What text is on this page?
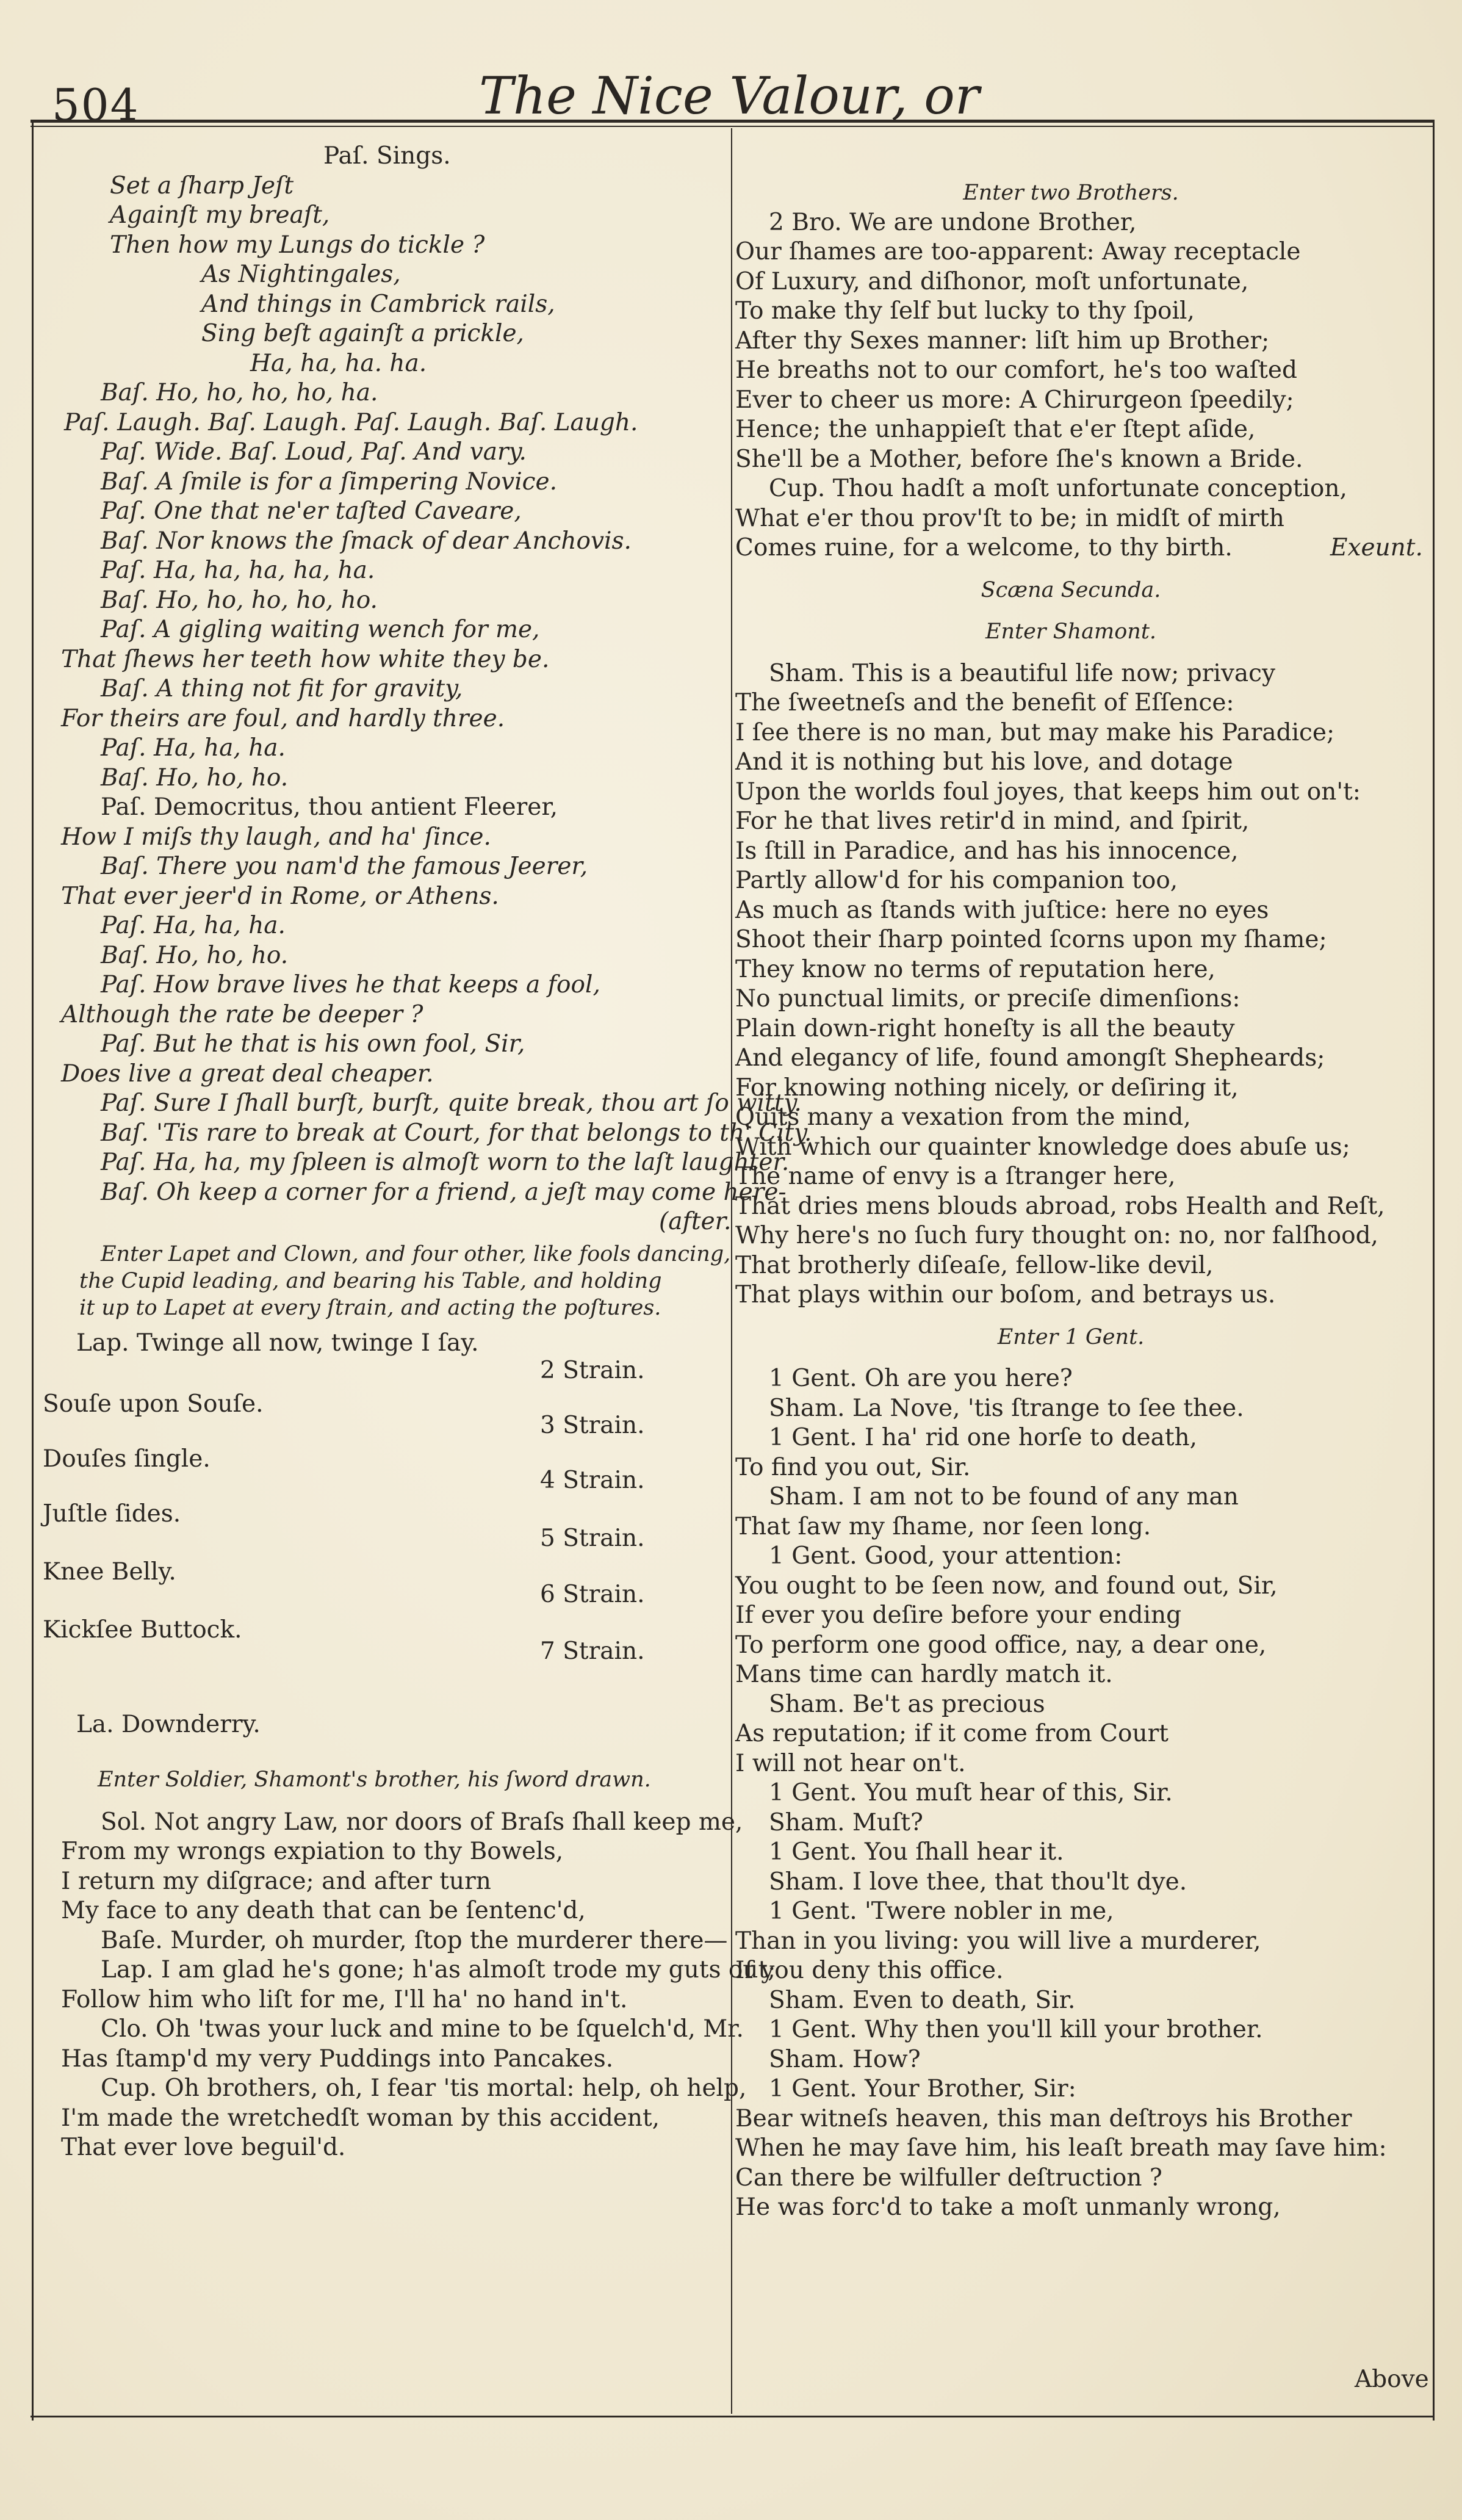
504	The Nice Valour, or
Paſ. Sings.
Set a ſharp Jeſt
Againſt my breaſt,
Then how my Lungs do tickle ?
As Nightingales,
And things in Cambrick rails,
Sing beſt againſt a prickle,
Ha, ha, ha. ha.
Baſ. Ho, ho, ho, ho, ha.
Paſ. Laugh. Baſ. Laugh. Paſ. Laugh. Baſ. Laugh.
Paſ. Wide. Baſ. Loud, Paſ. And vary.
Baſ. A ſmile is for a ſimpering Novice.
Paſ. One that ne'er taſted Caveare,
Baſ. Nor knows the ſmack of dear Anchovis.
Paſ. Ha, ha, ha, ha, ha.
Baſ. Ho, ho, ho, ho, ho.
Paſ. A gigling waiting wench for me,
That ſhews her teeth how white they be.
Baſ. A thing not fit for gravity,
For theirs are foul, and hardly three.
Paſ. Ha, ha, ha.
Baſ. Ho, ho, ho.
Paſ. Democritus, thou antient Fleerer,
How I miſs thy laugh, and ha' ſince.
Baſ. There you nam'd the famous Jeerer,
That ever jeer'd in Rome, or Athens.
Paſ. Ha, ha, ha.
Baſ. Ho, ho, ho.
Paſ. How brave lives he that keeps a fool,
Although the rate be deeper ?
Paſ. But he that is his own fool, Sir,
Does live a great deal cheaper.
Paſ. Sure I ſhall burſt, burſt, quite break, thou art ſo witty.
Baſ. 'Tis rare to break at Court, for that belongs to th' City.
Paſ. Ha, ha, my ſpleen is almoſt worn to the laſt laughter.
Baſ. Oh keep a corner for a friend, a jeſt may come here-
(after.
Enter Lapet and Clown, and four other, like fools dancing,
the Cupid leading, and bearing his Table, and holding
it up to Lapet at every ſtrain, and acting the poſtures.
Lap. Twinge all now, twinge I ſay.
Souſe upon Souſe.
Douſes ſingle.
Juſtle ſides.
Knee Belly.
Kickſee Buttock.
2 Strain.
3 Strain.
4 Strain.
5 Strain.
6 Strain.
7 Strain.
La. Downderry.
Enter Soldier, Shamont's brother, his ſword drawn.
Sol. Not angry Law, nor doors of Braſs ſhall keep me,
From my wrongs expiation to thy Bowels,
I return my diſgrace; and after turn
My face to any death that can be ſentenc'd,
Baſe. Murder, oh murder, ſtop the murderer there—
Lap. I am glad he's gone; h'as almoſt trode my guts out;
Follow him who liſt for me, I'll ha' no hand in't.
Clo. Oh 'twas your luck and mine to be ſquelch'd, Mr.
Has ſtamp'd my very Puddings into Pancakes.
Cup. Oh brothers, oh, I fear 'tis mortal: help, oh help,
I'm made the wretchedſt woman by this accident,
That ever love beguil'd.
Enter two Brothers.
2 Bro. We are undone Brother,
Our ſhames are too-apparent: Away receptacle
Of Luxury, and diſhonor, moſt unfortunate,
To make thy ſelf but lucky to thy ſpoil,
After thy Sexes manner: liſt him up Brother;
He breaths not to our comfort, he's too waſted
Ever to cheer us more: A Chirurgeon ſpeedily;
Hence; the unhappieſt that e'er ſtept aſide,
She'll be a Mother, before ſhe's known a Bride.
Cup. Thou hadſt a moſt unfortunate conception,
What e'er thou prov'ſt to be; in midſt of mirth
Comes ruine, for a welcome, to thy birth.	Exeunt.
Scæna Secunda.
Enter Shamont.
Sham. This is a beautiful life now; privacy
The ſweetneſs and the benefit of Eſſence:
I ſee there is no man, but may make his Paradice;
And it is nothing but his love, and dotage
Upon the worlds foul joyes, that keeps him out on't:
For he that lives retir'd in mind, and ſpirit,
Is ſtill in Paradice, and has his innocence,
Partly allow'd for his companion too,
As much as ſtands with juſtice: here no eyes
Shoot their ſharp pointed ſcorns upon my ſhame;
They know no terms of reputation here,
No punctual limits, or preciſe dimenſions:
Plain down-right honeſty is all the beauty
And elegancy of life, found amongſt Shepheards;
For knowing nothing nicely, or deſiring it,
Quits many a vexation from the mind,
With which our quainter knowledge does abuſe us;
The name of envy is a ſtranger here,
That dries mens blouds abroad, robs Health and Reſt,
Why here's no ſuch fury thought on: no, nor falſhood,
That brotherly diſeaſe, fellow-like devil,
That plays within our boſom, and betrays us.
Enter 1 Gent.
1 Gent. Oh are you here?
Sham. La Nove, 'tis ſtrange to ſee thee.
1 Gent. I ha' rid one horſe to death,
To find you out, Sir.
Sham. I am not to be found of any man
That ſaw my ſhame, nor ſeen long.
1 Gent. Good, your attention:
You ought to be ſeen now, and found out, Sir,
If ever you deſire before your ending
To perform one good office, nay, a dear one,
Mans time can hardly match it.
Sham. Be't as precious
As reputation; if it come from Court
I will not hear on't.
1 Gent. You muſt hear of this, Sir.
Sham. Muſt?
1 Gent. You ſhall hear it.
Sham. I love thee, that thou'lt dye.
1 Gent. 'Twere nobler in me,
Than in you living: you will live a murderer,
If you deny this office.
Sham. Even to death, Sir.
1 Gent. Why then you'll kill your brother.
Sham. How?
1 Gent. Your Brother, Sir:
Bear witneſs heaven, this man deſtroys his Brother
When he may ſave him, his leaſt breath may ſave him:
Can there be wilfuller deſtruction ?
He was forc'd to take a moſt unmanly wrong,
Above
